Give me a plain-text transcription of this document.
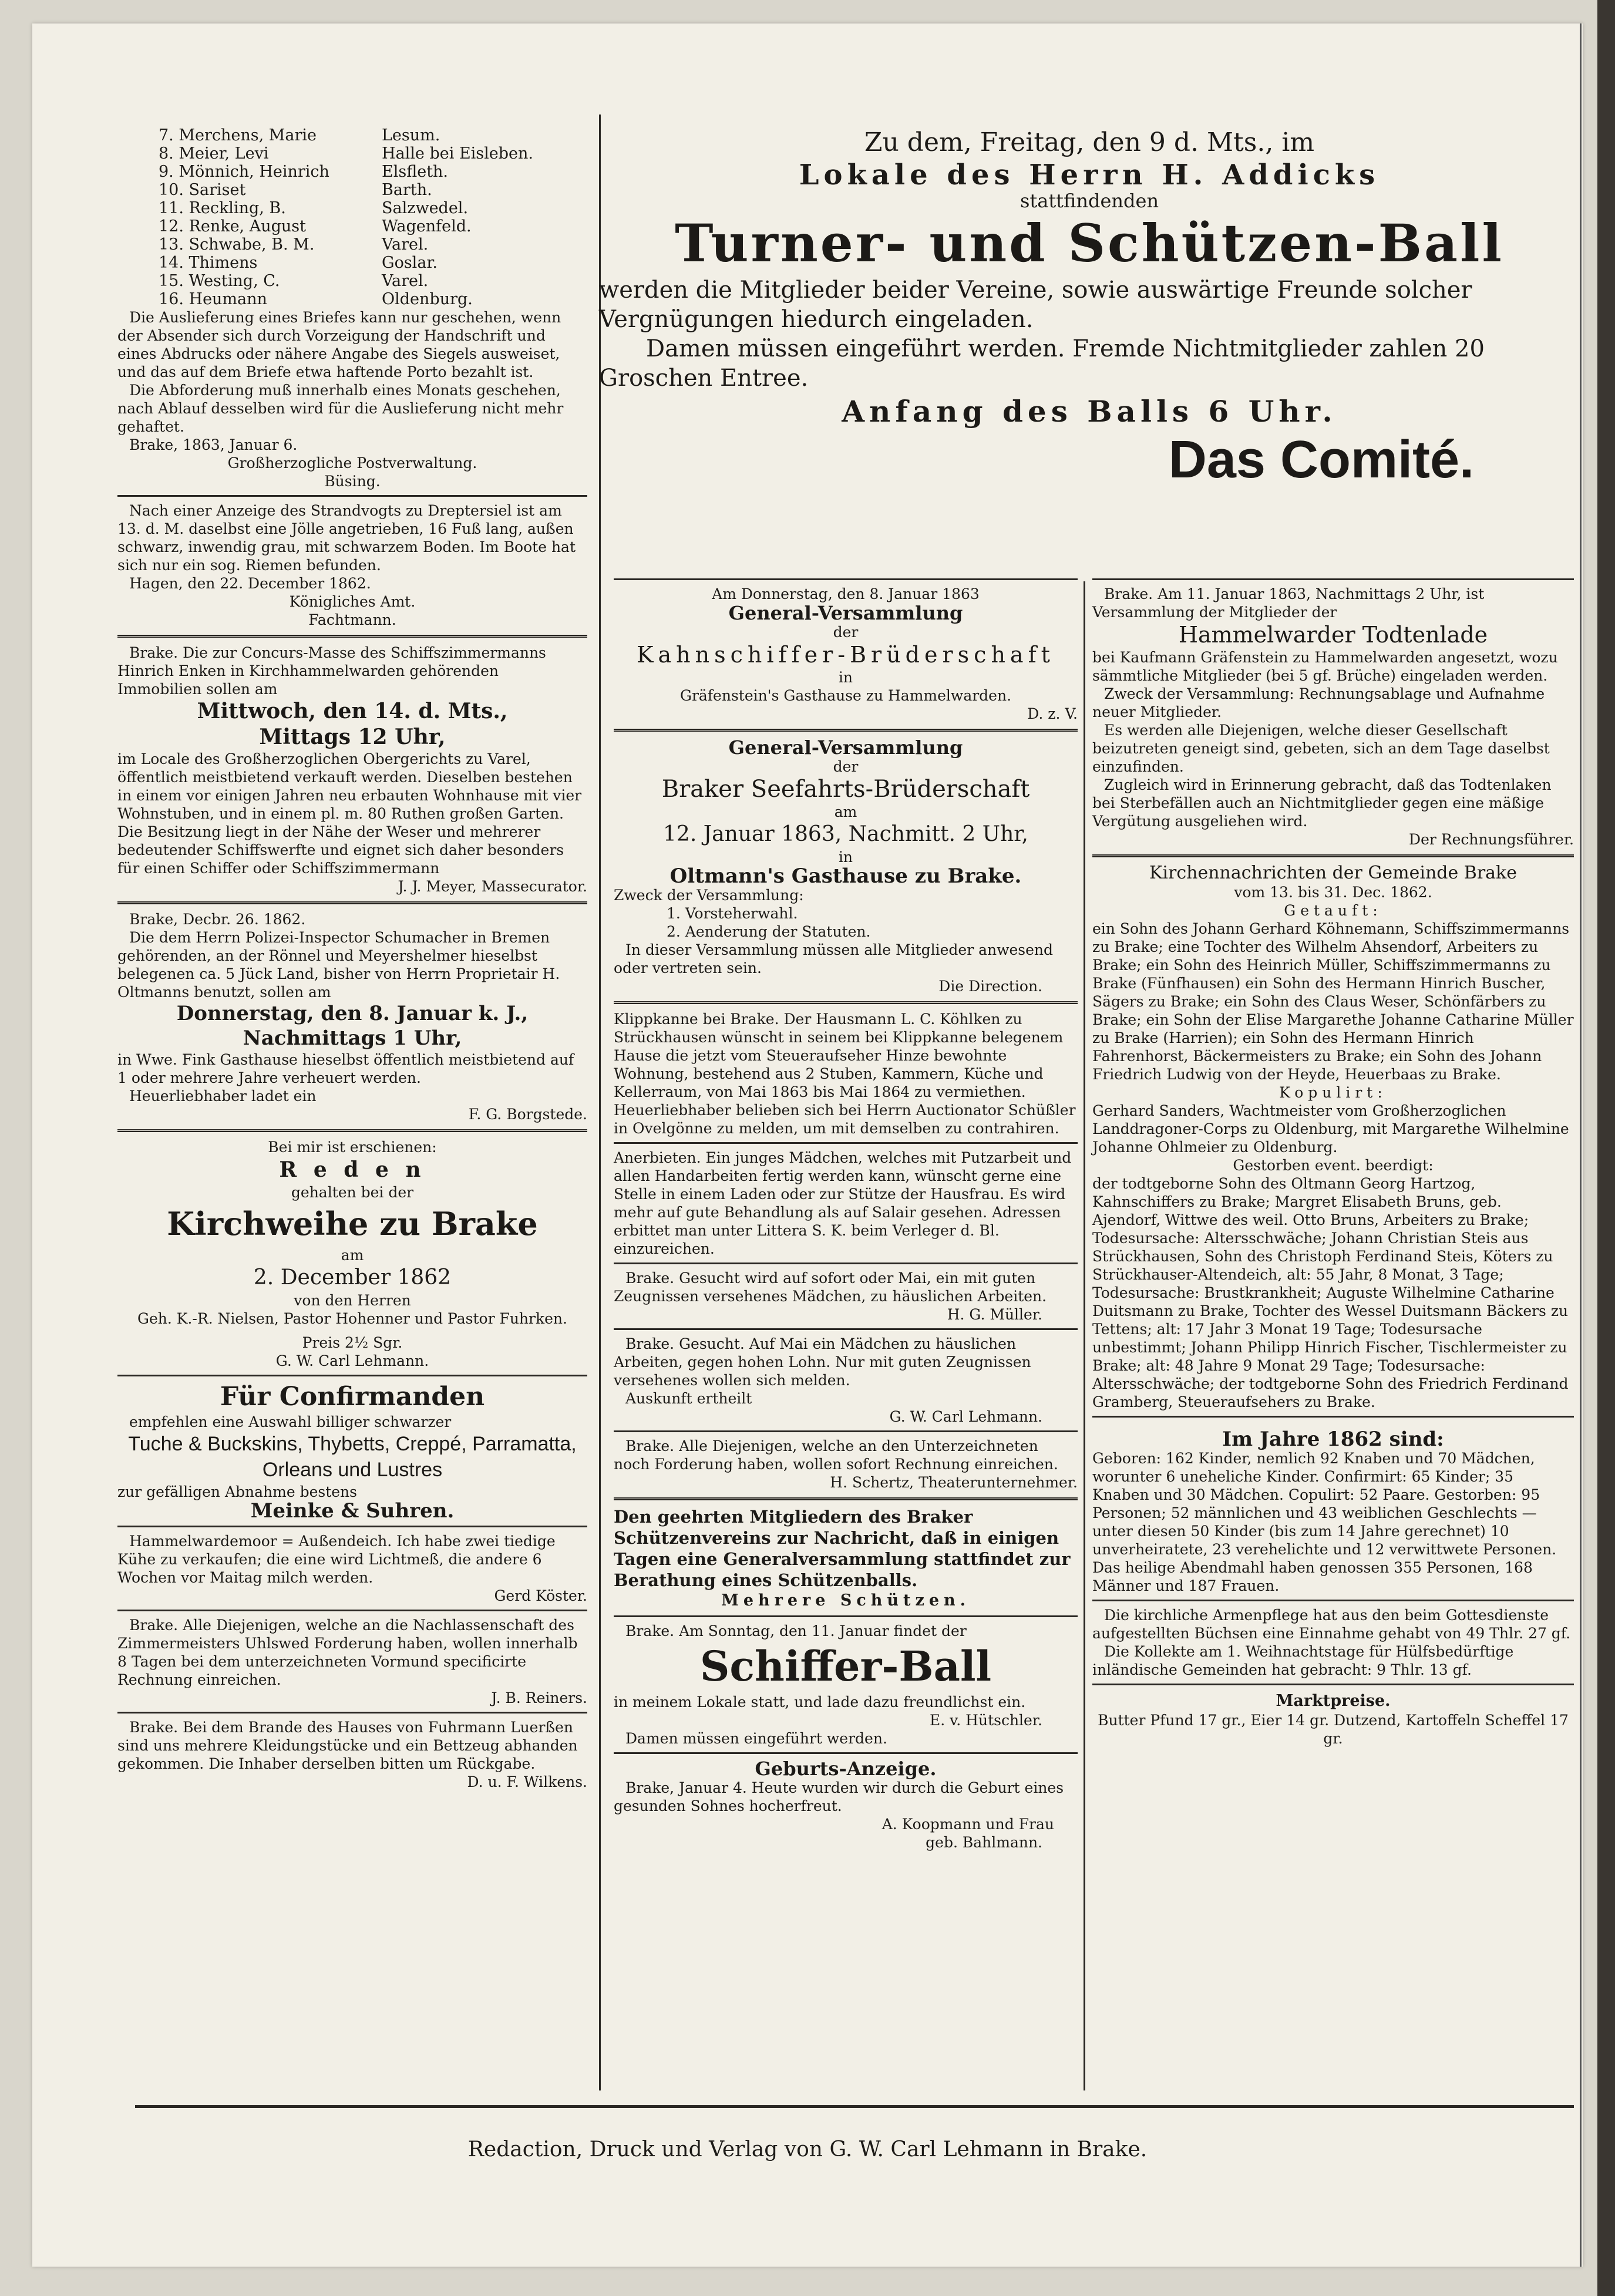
7. Merchens, Marie	Lesum.
8. Meier, Levi	Halle bei Eisleben.
9. Mönnich, Heinrich	Elsfleth.
10. Sariset	Barth.
11. Reckling, B.	Salzwedel.
12. Renke, August	Wagenfeld.
13. Schwabe, B. M.	Varel.
14. Thimens	Goslar.
15. Westing, C.	Varel.
16. Heumann	Oldenburg.

Die Auslieferung eines Briefes kann nur geschehen, wenn der Absender sich durch Vorzeigung der Handschrift und eines Abdrucks oder nähere Angabe des Siegels ausweiset, und das auf dem Briefe etwa haftende Porto bezahlt ist.

Die Abforderung muß innerhalb eines Monats geschehen, nach Ablauf desselben wird für die Auslieferung nicht mehr gehaftet.

Brake, 1863, Januar 6.

Großherzogliche Postverwaltung.

Büsing.

Nach einer Anzeige des Strandvogts zu Dreptersiel ist am 13. d. M. daselbst eine Jölle angetrieben, 16 Fuß lang, außen schwarz, inwendig grau, mit schwarzem Boden. Im Boote hat sich nur ein sog. Riemen befunden.

Hagen, den 22. December 1862.

Königliches Amt.

Fachtmann.

Brake. Die zur Concurs-Masse des Schiffszimmermanns Hinrich Enken in Kirchhammelwarden gehörenden Immobilien sollen am

Mittwoch, den 14. d. Mts.,

Mittags 12 Uhr,

im Locale des Großherzoglichen Obergerichts zu Varel, öffentlich meistbietend verkauft werden. Dieselben bestehen in einem vor einigen Jahren neu erbauten Wohnhause mit vier Wohnstuben, und in einem pl. m. 80 Ruthen großen Garten. Die Besitzung liegt in der Nähe der Weser und mehrerer bedeutender Schiffswerfte und eignet sich daher besonders für einen Schiffer oder Schiffszimmermann

J. J. Meyer, Massecurator.

Brake, Decbr. 26. 1862.

Die dem Herrn Polizei-Inspector Schumacher in Bremen gehörenden, an der Rönnel und Meyershelmer hieselbst belegenen ca. 5 Jück Land, bisher von Herrn Proprietair H. Oltmanns benutzt, sollen am

Donnerstag, den 8. Januar k. J.,

Nachmittags 1 Uhr,

in Wwe. Fink Gasthause hieselbst öffentlich meistbietend auf 1 oder mehrere Jahre verheuert werden.

Heuerliebhaber ladet ein

F. G. Borgstede.

Bei mir ist erschienen:

R e d e n

gehalten bei der

Kirchweihe zu Brake

am

2. December 1862

von den Herren

Geh. K.-R. Nielsen, Pastor Hohenner und Pastor Fuhrken.

Preis 2½ Sgr.

G. W. Carl Lehmann.

Für Confirmanden

empfehlen eine Auswahl billiger schwarzer

Tuche & Buckskins, Thybetts, Creppé, Parramatta, Orleans und Lustres

zur gefälligen Abnahme bestens

Meinke & Suhren.

Hammelwardemoor = Außendeich. Ich habe zwei tiedige Kühe zu verkaufen; die eine wird Lichtmeß, die andere 6 Wochen vor Maitag milch werden.

Gerd Köster.

Brake. Alle Diejenigen, welche an die Nachlassenschaft des Zimmermeisters Uhlswed Forderung haben, wollen innerhalb 8 Tagen bei dem unterzeichneten Vormund specificirte Rechnung einreichen.

J. B. Reiners.

Brake. Bei dem Brande des Hauses von Fuhrmann Luerßen sind uns mehrere Kleidungstücke und ein Bettzeug abhanden gekommen. Die Inhaber derselben bitten um Rückgabe.

D. u. F. Wilkens.

Zu dem, Freitag, den 9 d. Mts., im

Lokale des Herrn H. Addicks

stattfindenden

Turner- und Schützen-Ball

werden die Mitglieder beider Vereine, sowie auswärtige Freunde solcher Vergnügungen hiedurch eingeladen.

Damen müssen eingeführt werden. Fremde Nichtmitglieder zahlen 20 Groschen Entree.

Anfang des Balls 6 Uhr.

Das Comité.

Am Donnerstag, den 8. Januar 1863

General-Versammlung

der

Kahnschiffer-Brüderschaft

in

Gräfenstein's Gasthause zu Hammelwarden.

D. z. V.

General-Versammlung

der

Braker Seefahrts-Brüderschaft

am

12. Januar 1863, Nachmitt. 2 Uhr,

in

Oltmann's Gasthause zu Brake.

Zweck der Versammlung:

1. Vorsteherwahl.

2. Aenderung der Statuten.

In dieser Versammlung müssen alle Mitglieder anwesend oder vertreten sein.

Die Direction.

Klippkanne bei Brake. Der Hausmann L. C. Köhlken zu Strückhausen wünscht in seinem bei Klippkanne belegenem Hause die jetzt vom Steueraufseher Hinze bewohnte Wohnung, bestehend aus 2 Stuben, Kammern, Küche und Kellerraum, von Mai 1863 bis Mai 1864 zu vermiethen. Heuerliebhaber belieben sich bei Herrn Auctionator Schüßler in Ovelgönne zu melden, um mit demselben zu contrahiren.

Anerbieten. Ein junges Mädchen, welches mit Putzarbeit und allen Handarbeiten fertig werden kann, wünscht gerne eine Stelle in einem Laden oder zur Stütze der Hausfrau. Es wird mehr auf gute Behandlung als auf Salair gesehen. Adressen erbittet man unter Littera S. K. beim Verleger d. Bl. einzureichen.

Brake. Gesucht wird auf sofort oder Mai, ein mit guten Zeugnissen versehenes Mädchen, zu häuslichen Arbeiten.

H. G. Müller.

Brake. Gesucht. Auf Mai ein Mädchen zu häuslichen Arbeiten, gegen hohen Lohn. Nur mit guten Zeugnissen versehenes wollen sich melden.

Auskunft ertheilt

G. W. Carl Lehmann.

Brake. Alle Diejenigen, welche an den Unterzeichneten noch Forderung haben, wollen sofort Rechnung einreichen.

H. Schertz, Theaterunternehmer.

Den geehrten Mitgliedern des Braker Schützenvereins zur Nachricht, daß in einigen Tagen eine Generalversammlung stattfindet zur Berathung eines Schützenballs.

Mehrere Schützen.

Brake. Am Sonntag, den 11. Januar findet der

Schiffer-Ball

in meinem Lokale statt, und lade dazu freundlichst ein.

E. v. Hütschler.

Damen müssen eingeführt werden.

Geburts-Anzeige.

Brake, Januar 4. Heute wurden wir durch die Geburt eines gesunden Sohnes hocherfreut.

A. Koopmann und Frau

geb. Bahlmann.

Brake. Am 11. Januar 1863, Nachmittags 2 Uhr, ist Versammlung der Mitglieder der

Hammelwarder Todtenlade

bei Kaufmann Gräfenstein zu Hammelwarden angesetzt, wozu sämmtliche Mitglieder (bei 5 gf. Brüche) eingeladen werden.

Zweck der Versammlung: Rechnungsablage und Aufnahme neuer Mitglieder.

Es werden alle Diejenigen, welche dieser Gesellschaft beizutreten geneigt sind, gebeten, sich an dem Tage daselbst einzufinden.

Zugleich wird in Erinnerung gebracht, daß das Todtenlaken bei Sterbefällen auch an Nichtmitglieder gegen eine mäßige Vergütung ausgeliehen wird.

Der Rechnungsführer.

Kirchennachrichten der Gemeinde Brake

vom 13. bis 31. Dec. 1862.

Getauft:

ein Sohn des Johann Gerhard Köhnemann, Schiffszimmermanns zu Brake; eine Tochter des Wilhelm Ahsendorf, Arbeiters zu Brake; ein Sohn des Heinrich Müller, Schiffszimmermanns zu Brake (Fünfhausen) ein Sohn des Hermann Hinrich Buscher, Sägers zu Brake; ein Sohn des Claus Weser, Schönfärbers zu Brake; ein Sohn der Elise Margarethe Johanne Catharine Müller zu Brake (Harrien); ein Sohn des Hermann Hinrich Fahrenhorst, Bäckermeisters zu Brake; ein Sohn des Johann Friedrich Ludwig von der Heyde, Heuerbaas zu Brake.

Kopulirt:

Gerhard Sanders, Wachtmeister vom Großherzoglichen Landdragoner-Corps zu Oldenburg, mit Margarethe Wilhelmine Johanne Ohlmeier zu Oldenburg.

Gestorben event. beerdigt:

der todtgeborne Sohn des Oltmann Georg Hartzog, Kahnschiffers zu Brake; Margret Elisabeth Bruns, geb. Ajendorf, Wittwe des weil. Otto Bruns, Arbeiters zu Brake; Todesursache: Altersschwäche; Johann Christian Steis aus Strückhausen, Sohn des Christoph Ferdinand Steis, Köters zu Strückhauser-Altendeich, alt: 55 Jahr, 8 Monat, 3 Tage; Todesursache: Brustkrankheit; Auguste Wilhelmine Catharine Duitsmann zu Brake, Tochter des Wessel Duitsmann Bäckers zu Tettens; alt: 17 Jahr 3 Monat 19 Tage; Todesursache unbestimmt; Johann Philipp Hinrich Fischer, Tischlermeister zu Brake; alt: 48 Jahre 9 Monat 29 Tage; Todesursache: Altersschwäche; der todtgeborne Sohn des Friedrich Ferdinand Gramberg, Steueraufsehers zu Brake.

Im Jahre 1862 sind:

Geboren: 162 Kinder, nemlich 92 Knaben und 70 Mädchen, worunter 6 uneheliche Kinder. Confirmirt: 65 Kinder; 35 Knaben und 30 Mädchen. Copulirt: 52 Paare. Gestorben: 95 Personen; 52 männlichen und 43 weiblichen Geschlechts — unter diesen 50 Kinder (bis zum 14 Jahre gerechnet) 10 unverheiratete, 23 verehelichte und 12 verwittwete Personen. Das heilige Abendmahl haben genossen 355 Personen, 168 Männer und 187 Frauen.

Die kirchliche Armenpflege hat aus den beim Gottesdienste aufgestellten Büchsen eine Einnahme gehabt von 49 Thlr. 27 gf.

Die Kollekte am 1. Weihnachtstage für Hülfsbedürftige inländische Gemeinden hat gebracht: 9 Thlr. 13 gf.

Marktpreise.

Butter Pfund 17 gr., Eier 14 gr. Dutzend, Kartoffeln Scheffel 17 gr.

Redaction, Druck und Verlag von G. W. Carl Lehmann in Brake.
